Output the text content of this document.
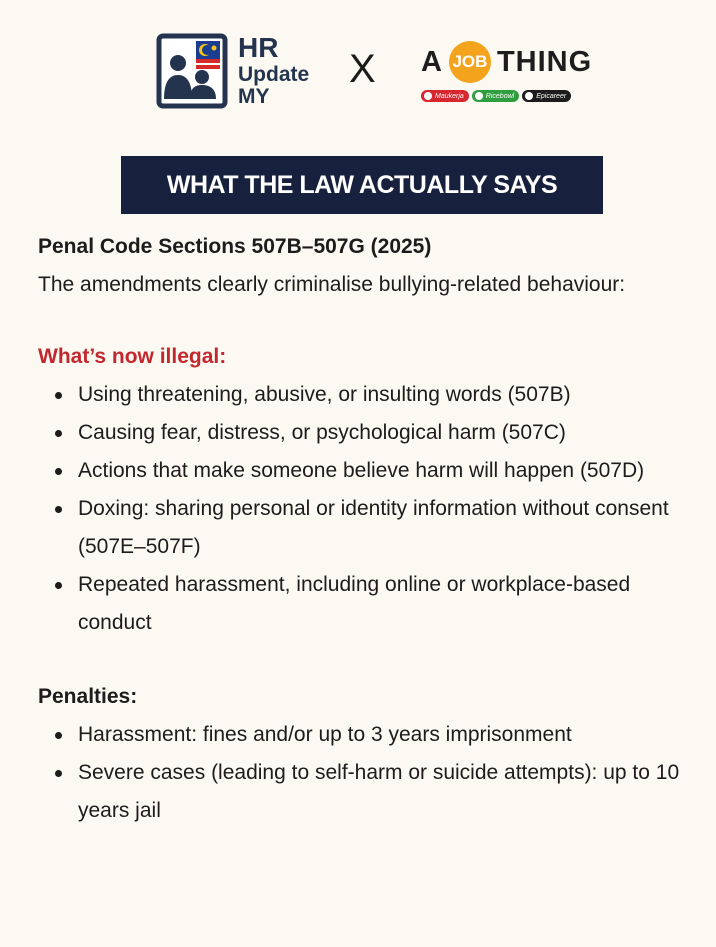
HR
Update
MY
X A JOB THING
Maukerja	Ricebowl	Epicareer
WHAT THE LAW ACTUALLY SAYS

Penal Code Sections 507B–507G (2025)

The amendments clearly criminalise bullying-related behaviour:

What’s now illegal:

Using threatening, abusive, or insulting words (507B)
Causing fear, distress, or psychological harm (507C)
Actions that make someone believe harm will happen (507D)
Doxing: sharing personal or identity information without consent (507E–507F)
Repeated harassment, including online or workplace-based conduct

Penalties:

Harassment: fines and/or up to 3 years imprisonment
Severe cases (leading to self-harm or suicide attempts): up to 10 years jail
